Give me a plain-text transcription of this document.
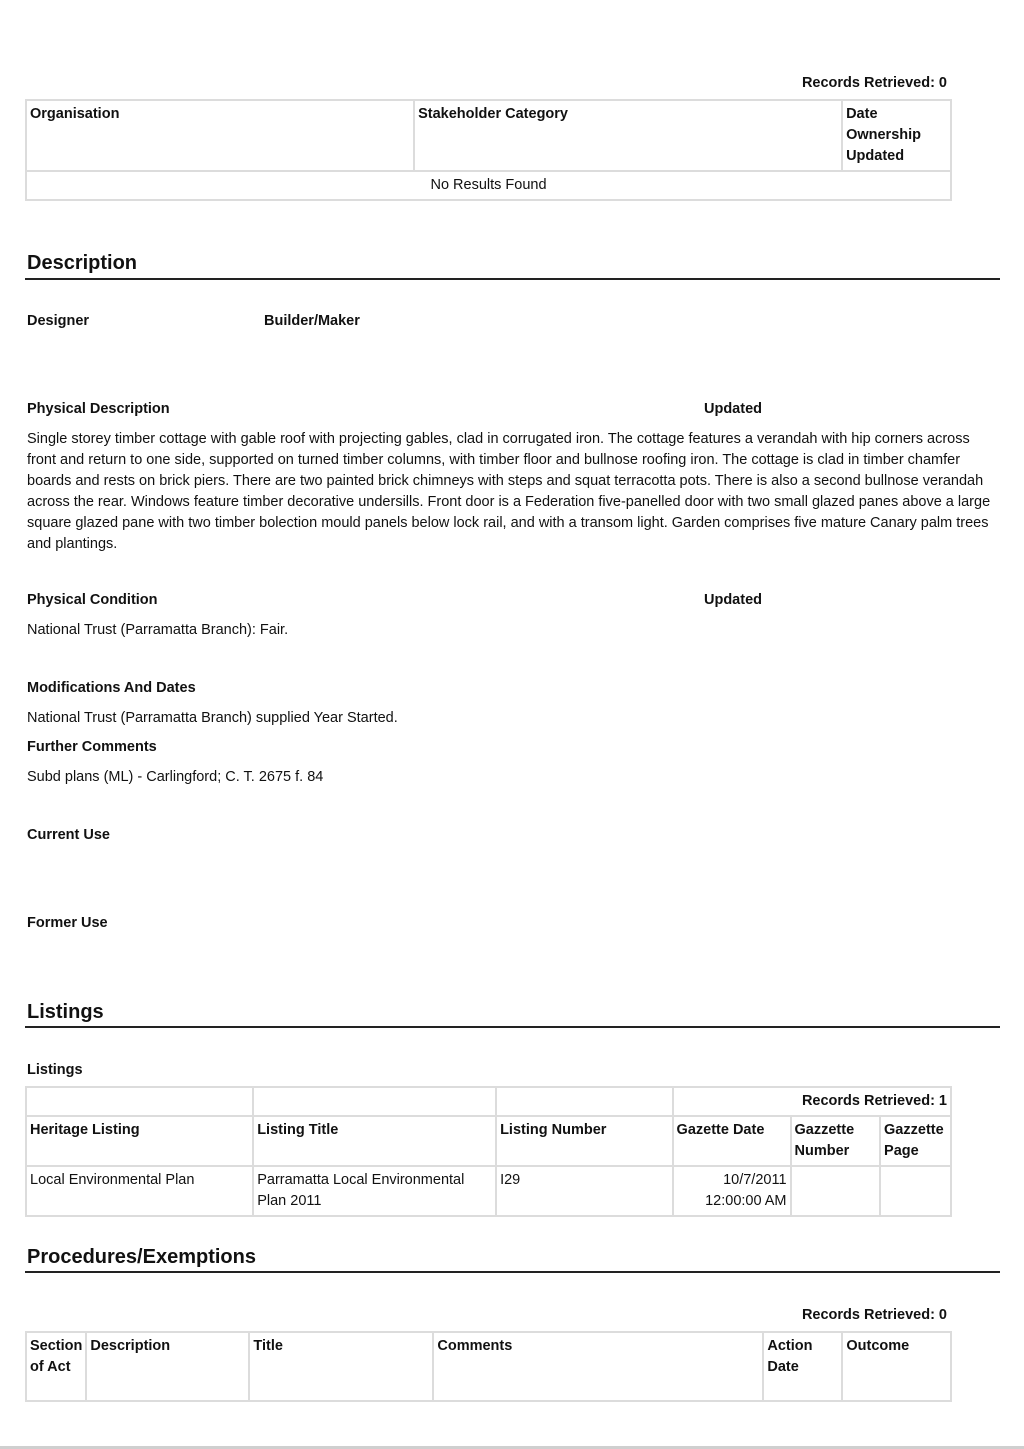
Records Retrieved: 0
Organisation	Stakeholder Category	Date Ownership Updated
No Results Found
Description
Designer	Builder/Maker
Physical Description	Updated
Single storey timber cottage with gable roof with projecting gables, clad in corrugated iron. The cottage features a verandah with hip corners across front and return to one side, supported on turned timber columns, with timber floor and bullnose roofing iron. The cottage is clad in timber chamfer boards and rests on brick piers. There are two painted brick chimneys with steps and squat terracotta pots. There is also a second bullnose verandah across the rear. Windows feature timber decorative undersills. Front door is a Federation five-panelled door with two small glazed panes above a large square glazed pane with two timber bolection mould panels below lock rail, and with a transom light. Garden comprises five mature Canary palm trees and plantings.
Physical Condition	Updated
National Trust (Parramatta Branch): Fair.
Modifications And Dates
National Trust (Parramatta Branch) supplied Year Started.
Further Comments
Subd plans (ML) - Carlingford; C. T. 2675 f. 84
Current Use
Former Use
Listings
Listings
			Records Retrieved: 1		
Heritage Listing	Listing Title	Listing Number	Gazette Date	Gazzette Number	Gazzette Page
Local Environmental Plan	Parramatta Local Environmental Plan 2011	I29	10/7/2011 12:00:00 AM		
Procedures/Exemptions
Records Retrieved: 0
Section of Act	Description	Title	Comments	Action Date	Outcome
